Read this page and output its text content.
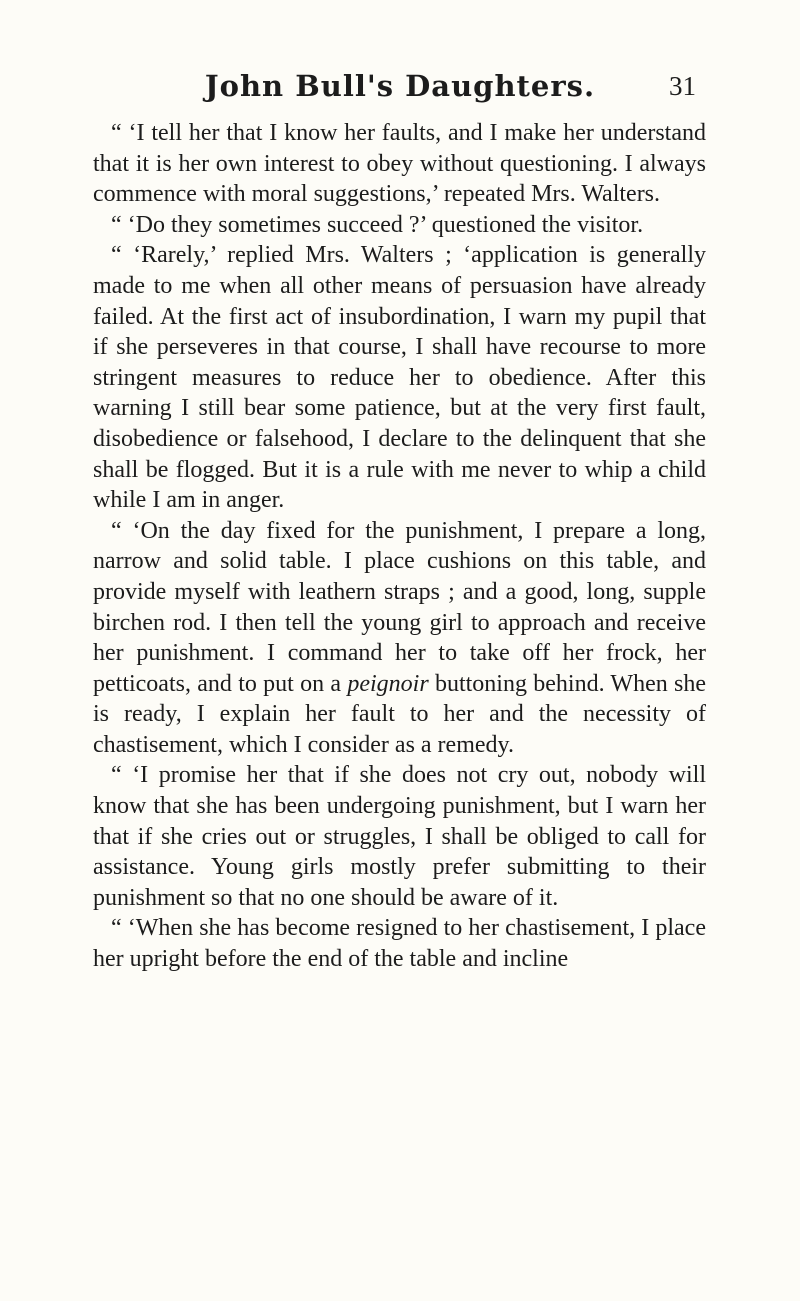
John Bull's Daughters.	31

“ ‘I tell her that I know her faults, and I make her understand that it is her own interest to obey without questioning. I always commence with moral suggestions,’ repeated Mrs. Walters.

“ ‘Do they sometimes succeed ?’ questioned the visitor.

“ ‘Rarely,’ replied Mrs. Walters ; ‘application is generally made to me when all other means of persuasion have already failed. At the first act of insubordination, I warn my pupil that if she perseveres in that course, I shall have recourse to more stringent measures to reduce her to obedience. After this warning I still bear some patience, but at the very first fault, disobedience or falsehood, I declare to the delinquent that she shall be flogged. But it is a rule with me never to whip a child while I am in anger.

“ ‘On the day fixed for the punishment, I prepare a long, narrow and solid table. I place cushions on this table, and provide myself with leathern straps ; and a good, long, supple birchen rod. I then tell the young girl to approach and receive her punishment. I command her to take off her frock, her petticoats, and to put on a peignoir buttoning behind. When she is ready, I explain her fault to her and the necessity of chastisement, which I consider as a remedy.

“ ‘I promise her that if she does not cry out, nobody will know that she has been undergoing punishment, but I warn her that if she cries out or struggles, I shall be obliged to call for assistance. Young girls mostly prefer submitting to their punishment so that no one should be aware of it.

“ ‘When she has become resigned to her chastisement, I place her upright before the end of the table and incline
